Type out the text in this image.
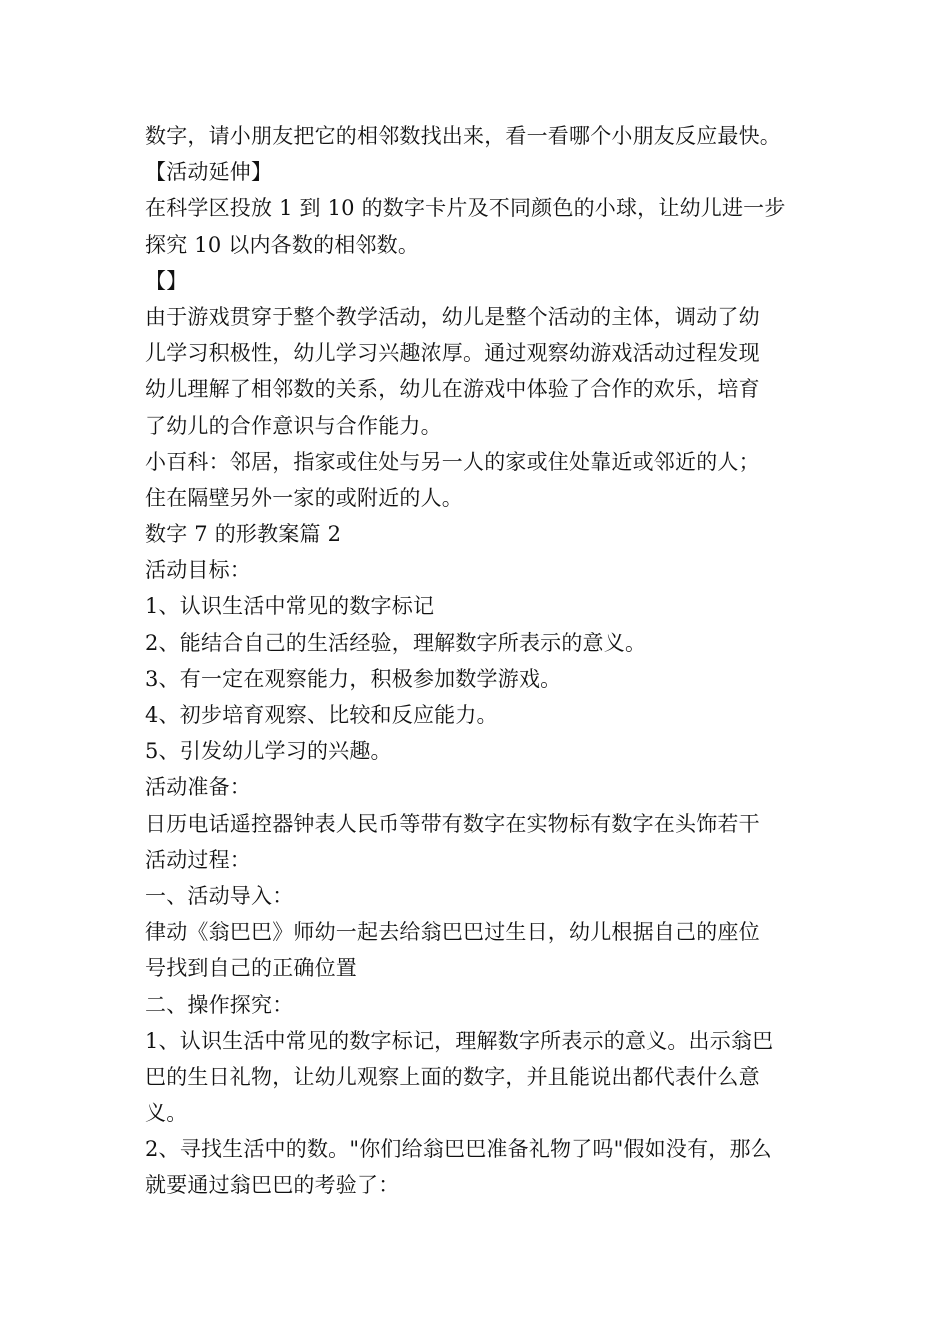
数字，请小朋友把它的相邻数找出来，看一看哪个小朋友反应最快。
【活动延伸】
在科学区投放 1 到 10 的数字卡片及不同颜色的小球，让幼儿进一步
探究 10 以内各数的相邻数。
【】
由于游戏贯穿于整个教学活动，幼儿是整个活动的主体，调动了幼
儿学习积极性，幼儿学习兴趣浓厚。通过观察幼游戏活动过程发现
幼儿理解了相邻数的关系，幼儿在游戏中体验了合作的欢乐，培育
了幼儿的合作意识与合作能力。
小百科：邻居，指家或住处与另一人的家或住处靠近或邻近的人；
住在隔壁另外一家的或附近的人。
数字 7 的形教案篇 2
活动目标：
1、认识生活中常见的数字标记
2、能结合自己的生活经验，理解数字所表示的意义。
3、有一定在观察能力，积极参加数学游戏。
4、初步培育观察、比较和反应能力。
5、引发幼儿学习的兴趣。
活动准备：
日历电话遥控器钟表人民币等带有数字在实物标有数字在头饰若干
活动过程：
一、活动导入：
律动《翁巴巴》师幼一起去给翁巴巴过生日，幼儿根据自己的座位
号找到自己的正确位置
二、操作探究：
1、认识生活中常见的数字标记，理解数字所表示的意义。出示翁巴
巴的生日礼物，让幼儿观察上面的数字，并且能说出都代表什么意
义。
2、寻找生活中的数。"你们给翁巴巴准备礼物了吗"假如没有，那么
就要通过翁巴巴的考验了：
